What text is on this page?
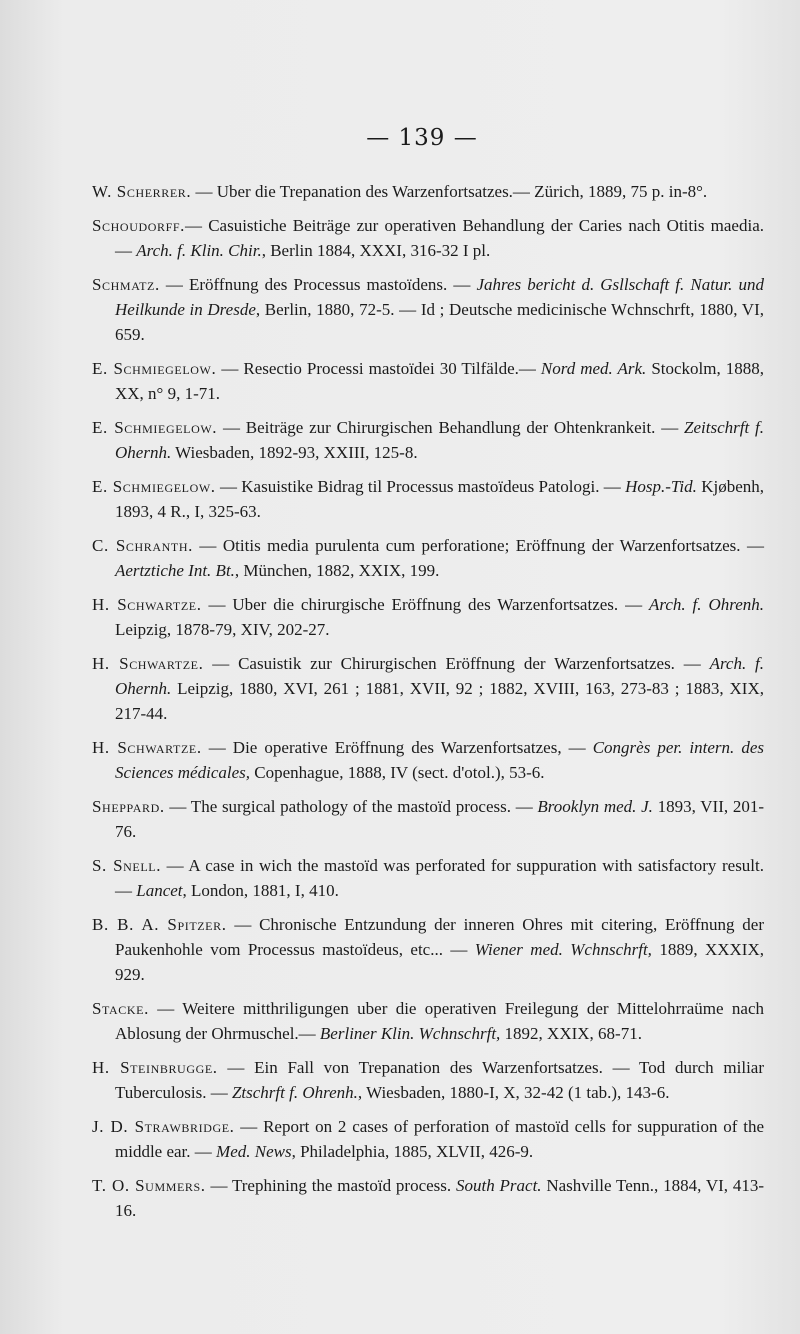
— 139 —

W. Scherrer. — Uber die Trepanation des Warzenfortsatzes.— Zürich, 1889, 75 p. in-8°.

Schoudorff.— Casuistiche Beiträge zur operativen Behandlung der Caries nach Otitis maedia. — Arch. f. Klin. Chir., Berlin 1884, XXXI, 316-32 I pl.

Schmatz. — Eröffnung des Processus mastoïdens. — Jahres bericht d. Gsllschaft f. Natur. und Heilkunde in Dresde, Berlin, 1880, 72-5. — Id ; Deutsche medicinische Wchnschrft, 1880, VI, 659.

E. Schmiegelow. — Resectio Processi mastoïdei 30 Tilfälde.— Nord med. Ark. Stockolm, 1888, XX, n° 9, 1-71.

E. Schmiegelow. — Beiträge zur Chirurgischen Behandlung der Ohtenkrankeit. — Zeitschrft f. Ohernh. Wiesbaden, 1892-93, XXIII, 125-8.

E. Schmiegelow. — Kasuistike Bidrag til Processus mastoïdeus Patologi. — Hosp.-Tid. Kjøbenh, 1893, 4 R., I, 325-63.

C. Schranth. — Otitis media purulenta cum perforatione; Eröffnung der Warzenfortsatzes. — Aertztiche Int. Bt., München, 1882, XXIX, 199.

H. Schwartze. — Uber die chirurgische Eröffnung des Warzenfortsatzes. — Arch. f. Ohrenh. Leipzig, 1878-79, XIV, 202-27.

H. Schwartze. — Casuistik zur Chirurgischen Eröffnung der Warzenfortsatzes. — Arch. f. Ohernh. Leipzig, 1880, XVI, 261 ; 1881, XVII, 92 ; 1882, XVIII, 163, 273-83 ; 1883, XIX, 217-44.

H. Schwartze. — Die operative Eröffnung des Warzenfortsatzes, — Congrès per. intern. des Sciences médicales, Copenhague, 1888, IV (sect. d'otol.), 53-6.

Sheppard. — The surgical pathology of the mastoïd process. — Brooklyn med. J. 1893, VII, 201-76.

S. Snell. — A case in wich the mastoïd was perforated for suppuration with satisfactory result. — Lancet, London, 1881, I, 410.

B. B. A. Spitzer. — Chronische Entzundung der inneren Ohres mit citering, Eröffnung der Paukenhohle vom Processus mastoïdeus, etc... — Wiener med. Wchnschrft, 1889, XXXIX, 929.

Stacke. — Weitere mitthriligungen uber die operativen Freilegung der Mittelohrraüme nach Ablosung der Ohrmuschel.— Berliner Klin. Wchnschrft, 1892, XXIX, 68-71.

H. Steinbrugge. — Ein Fall von Trepanation des Warzenfortsatzes. — Tod durch miliar Tuberculosis. — Ztschrft f. Ohrenh., Wiesbaden, 1880-I, X, 32-42 (1 tab.), 143-6.

J. D. Strawbridge. — Report on 2 cases of perforation of mastoïd cells for suppuration of the middle ear. — Med. News, Philadelphia, 1885, XLVII, 426-9.

T. O. Summers. — Trephining the mastoïd process. South Pract. Nashville Tenn., 1884, VI, 413-16.
